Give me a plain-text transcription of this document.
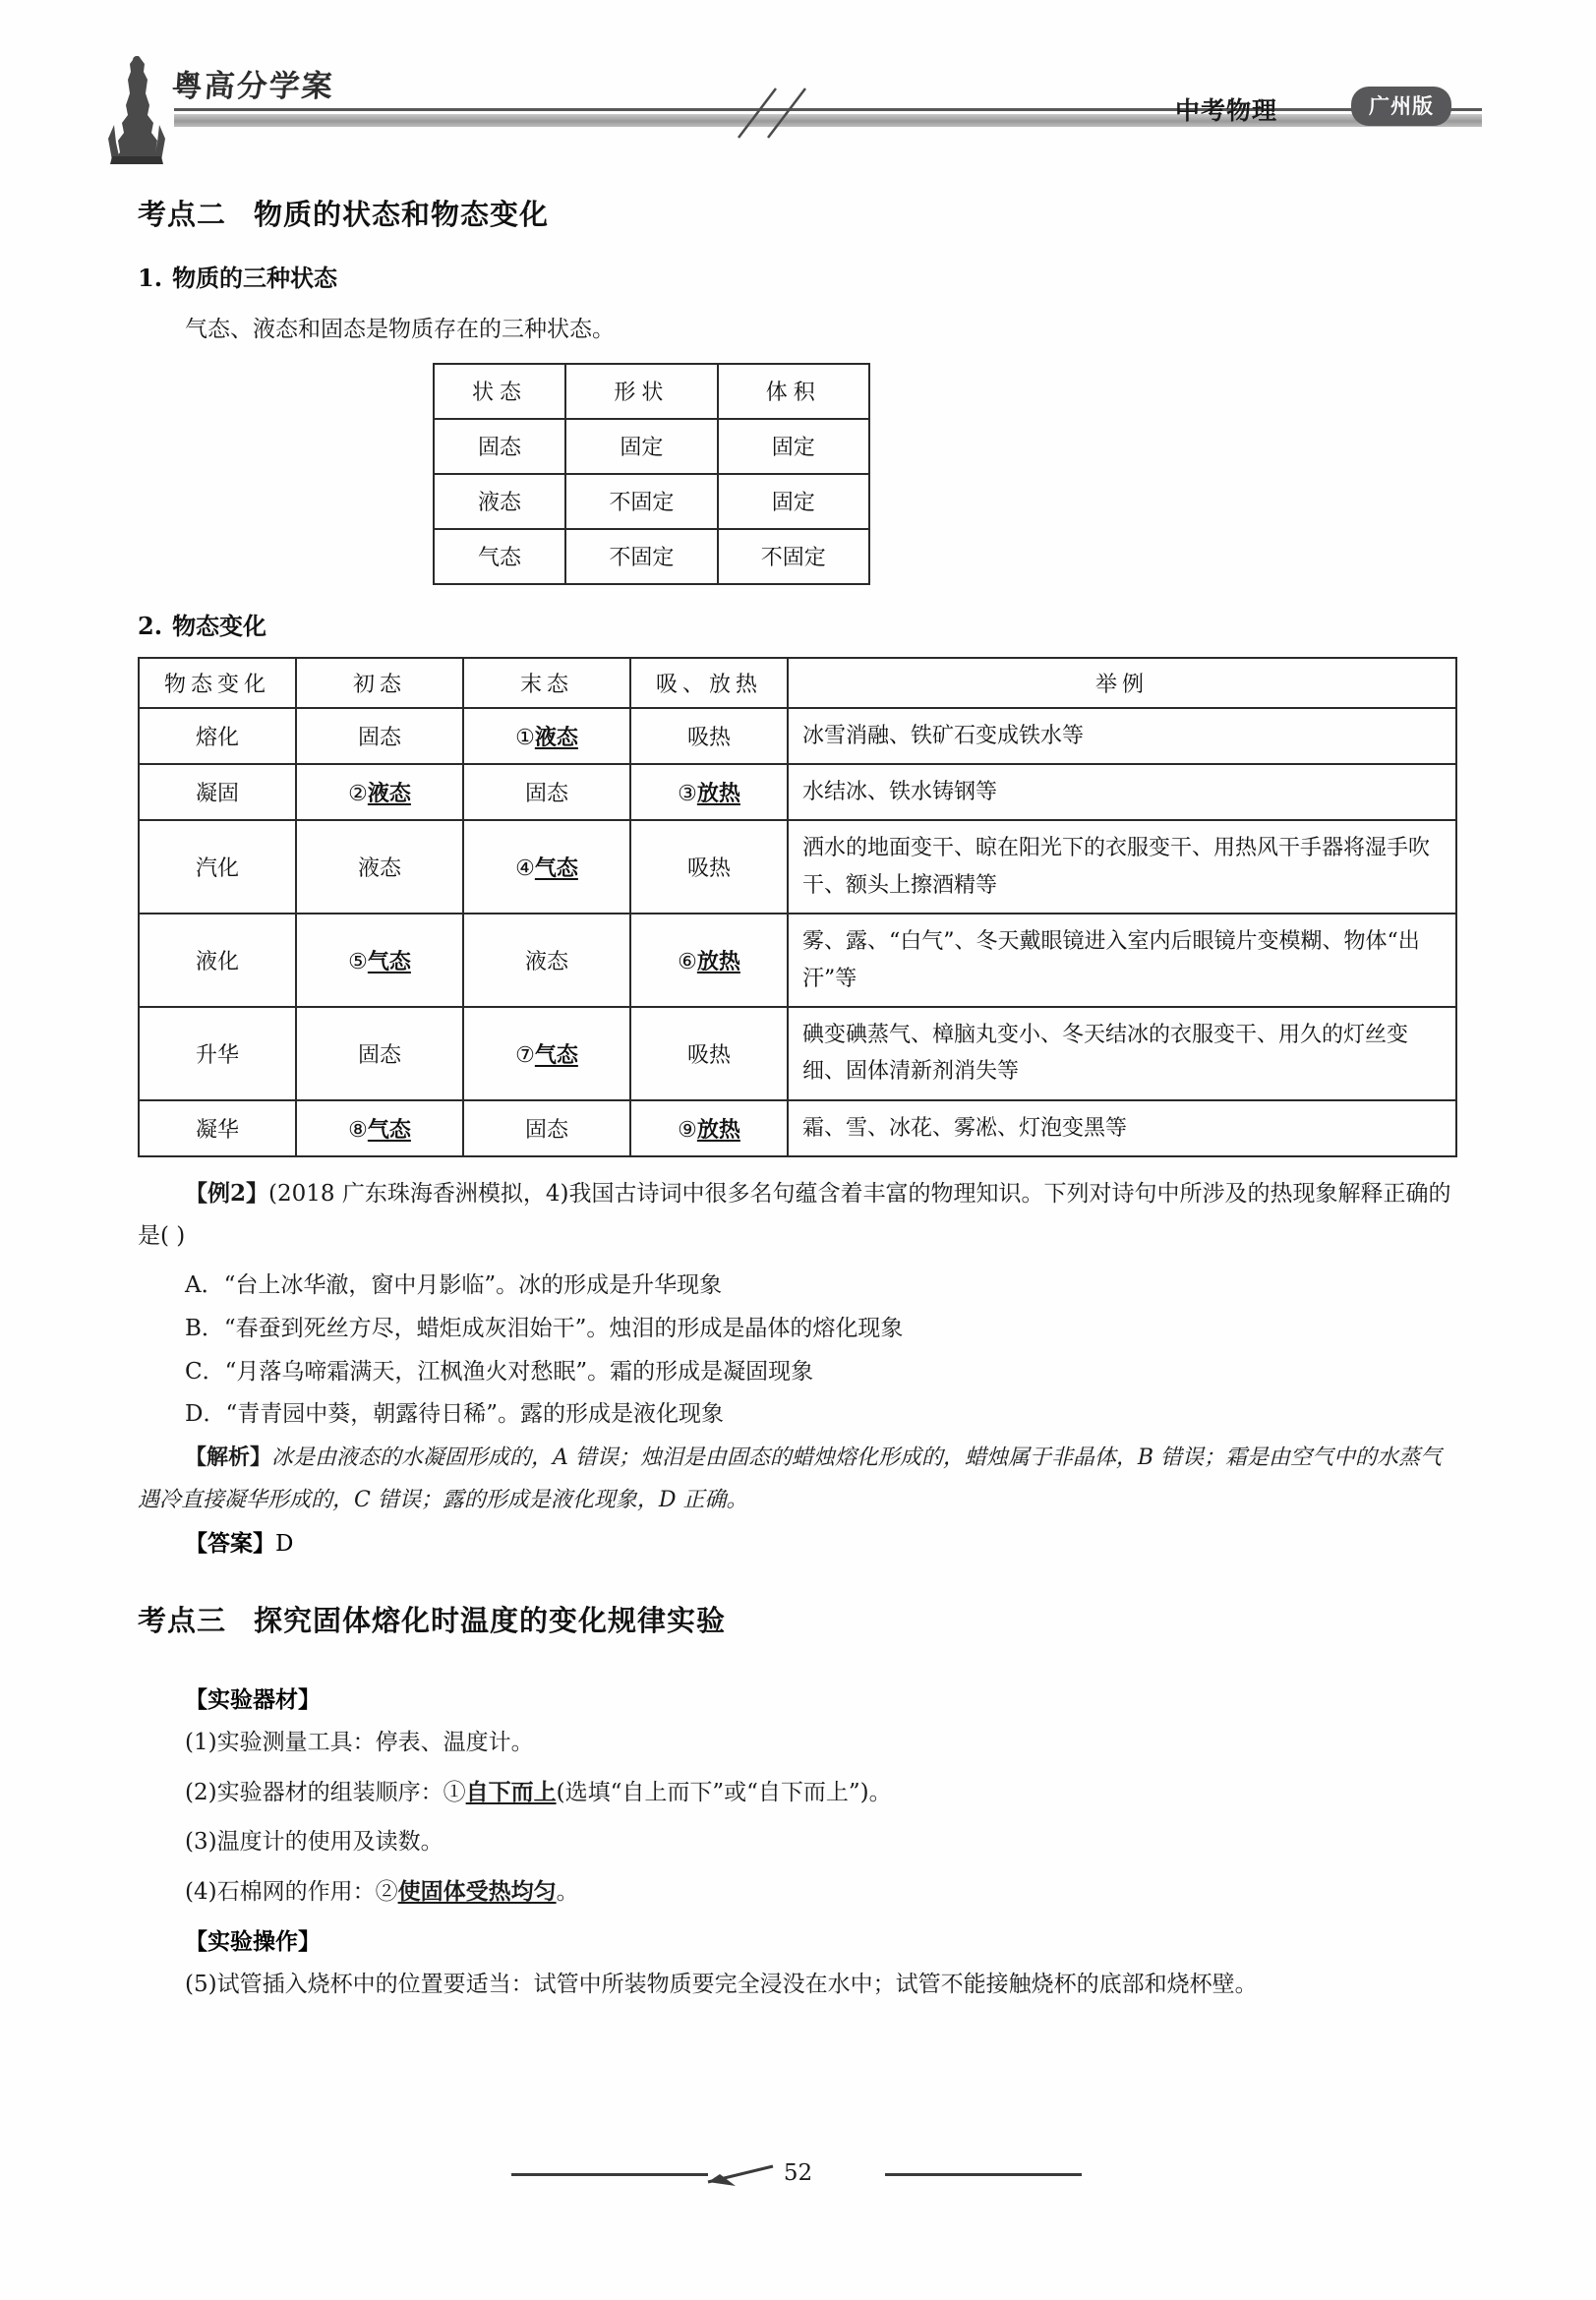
粤高分学案
中考物理	广州版
考点二 物质的状态和物态变化
1. 物质的三种状态

气态、液态和固态是物质存在的三种状态。

状态	形状	体积
固态	固定	固定
液态	不固定	固定
气态	不固定	不固定
2. 物态变化
物态变化	初态	末态	吸、放热	举例
熔化	固态	①液态	吸热	冰雪消融、铁矿石变成铁水等
凝固	②液态	固态	③放热	水结冰、铁水铸钢等
汽化	液态	④气态	吸热	洒水的地面变干、晾在阳光下的衣服变干、用热风干手器将湿手吹干、额头上擦酒精等
液化	⑤气态	液态	⑥放热	雾、露、“白气”、冬天戴眼镜进入室内后眼镜片变模糊、物体“出汗”等
升华	固态	⑦气态	吸热	碘变碘蒸气、樟脑丸变小、冬天结冰的衣服变干、用久的灯丝变细、固体清新剂消失等
凝华	⑧气态	固态	⑨放热	霜、雪、冰花、雾凇、灯泡变黑等

【例2】(2018 广东珠海香洲模拟，4)我国古诗词中很多名句蕴含着丰富的物理知识。下列对诗句中所涉及的热现象解释正确的是( )

A．“台上冰华澈，窗中月影临”。冰的形成是升华现象

B．“春蚕到死丝方尽，蜡炬成灰泪始干”。烛泪的形成是晶体的熔化现象

C．“月落乌啼霜满天，江枫渔火对愁眠”。霜的形成是凝固现象

D．“青青园中葵，朝露待日稀”。露的形成是液化现象

【解析】冰是由液态的水凝固形成的，A 错误；烛泪是由固态的蜡烛熔化形成的，蜡烛属于非晶体，B 错误；霜是由空气中的水蒸气遇冷直接凝华形成的，C 错误；露的形成是液化现象，D 正确。

【答案】D

考点三 探究固体熔化时温度的变化规律实验

【实验器材】

(1)实验测量工具：停表、温度计。

(2)实验器材的组装顺序：①自下而上(选填“自上而下”或“自下而上”)。

(3)温度计的使用及读数。

(4)石棉网的作用：②使固体受热均匀。

【实验操作】

(5)试管插入烧杯中的位置要适当：试管中所装物质要完全浸没在水中；试管不能接触烧杯的底部和烧杯壁。

52
